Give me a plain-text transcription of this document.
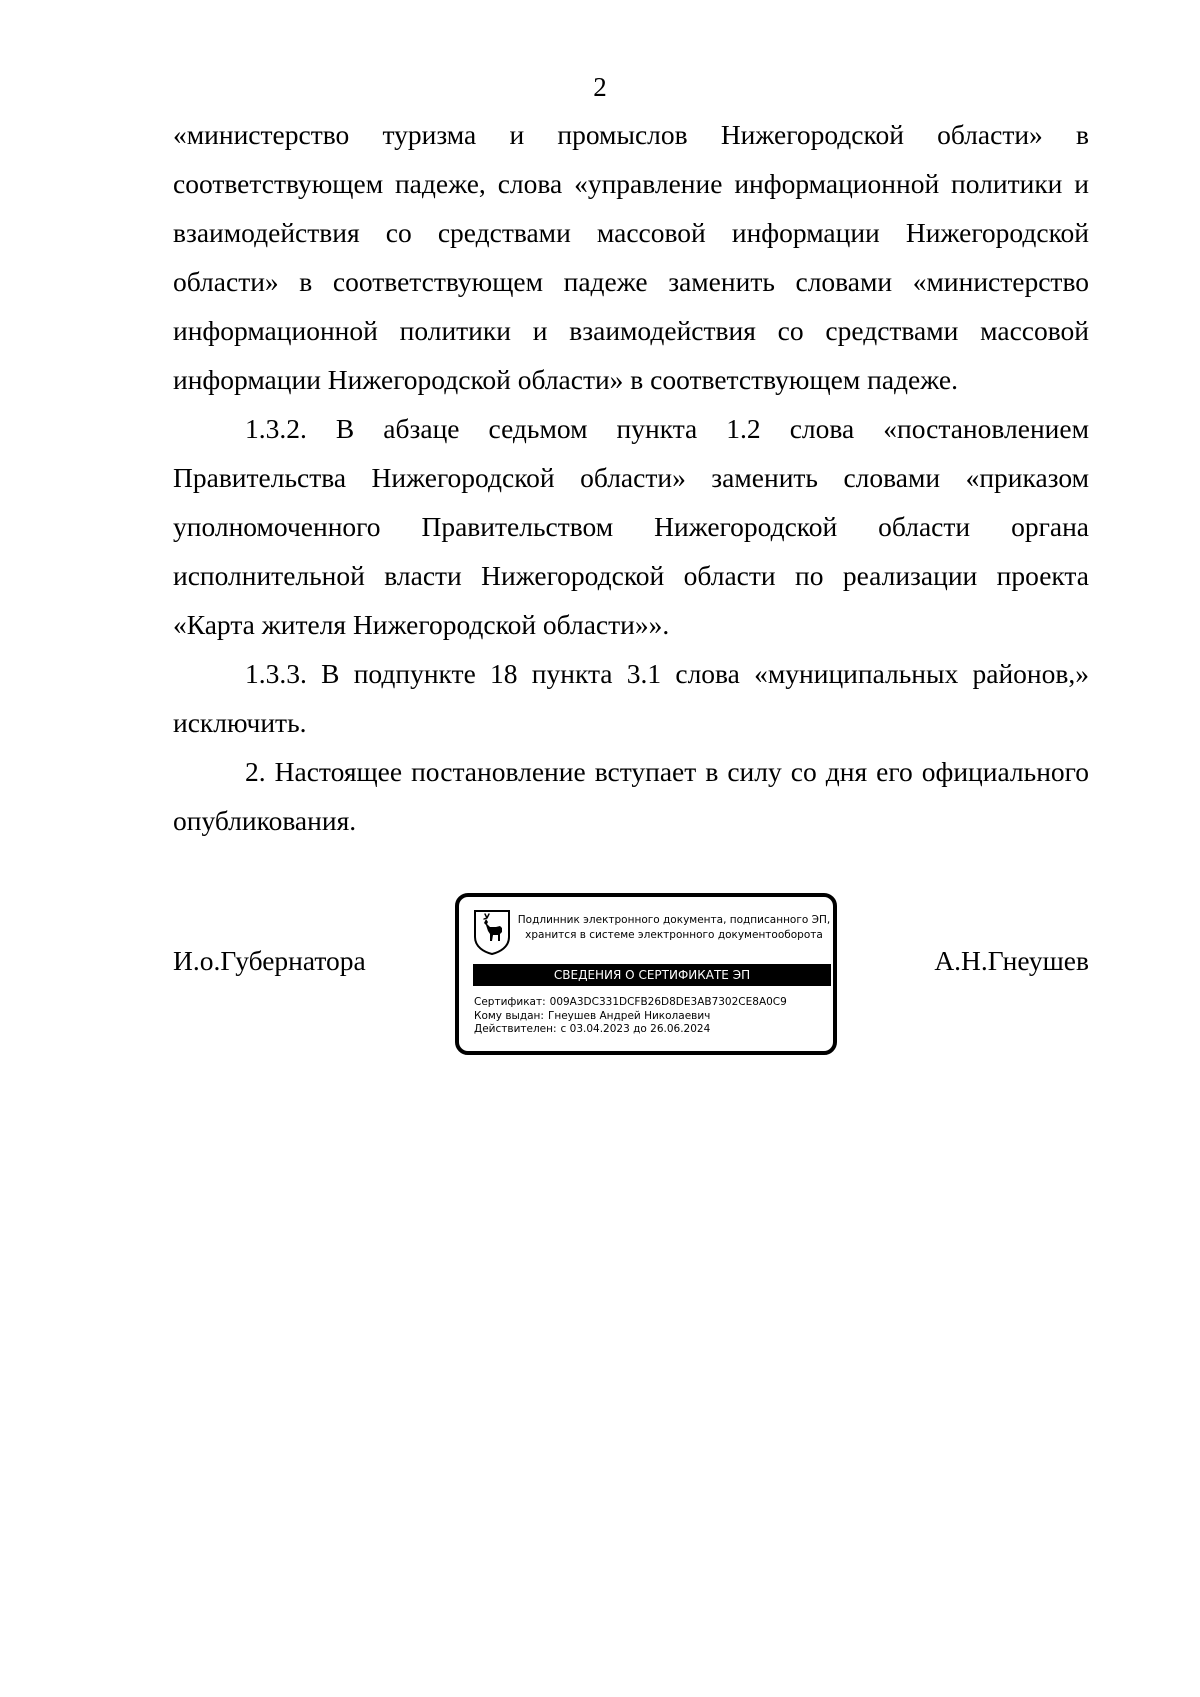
2

«министерство туризма и промыслов Нижегородской области» в соответствующем падеже, слова «управление информационной политики и взаимодействия со средствами массовой информации Нижегородской области» в соответствующем падеже заменить словами «министерство информационной политики и взаимодействия со средствами массовой информации Нижегородской области» в соответствующем падеже.

1.3.2. В абзаце седьмом пункта 1.2 слова «постановлением Правительства Нижегородской области» заменить словами «приказом уполномоченного Правительством Нижегородской области органа исполнительной власти Нижегородской области по реализации проекта «Карта жителя Нижегородской области»».

1.3.3. В подпункте 18 пункта 3.1 слова «муниципальных районов,» исключить.

2. Настоящее постановление вступает в силу со дня его официального опубликования.

И.о.Губернатора	А.Н.Гнеушев
Подлинник электронного документа, подписанного ЭП,
хранится в системе электронного документооборота
СВЕДЕНИЯ О СЕРТИФИКАТЕ ЭП
Сертификат: 009A3DC331DCFB26D8DE3AB7302CE8A0C9
Кому выдан: Гнеушев Андрей Николаевич
Действителен: с 03.04.2023 до 26.06.2024
